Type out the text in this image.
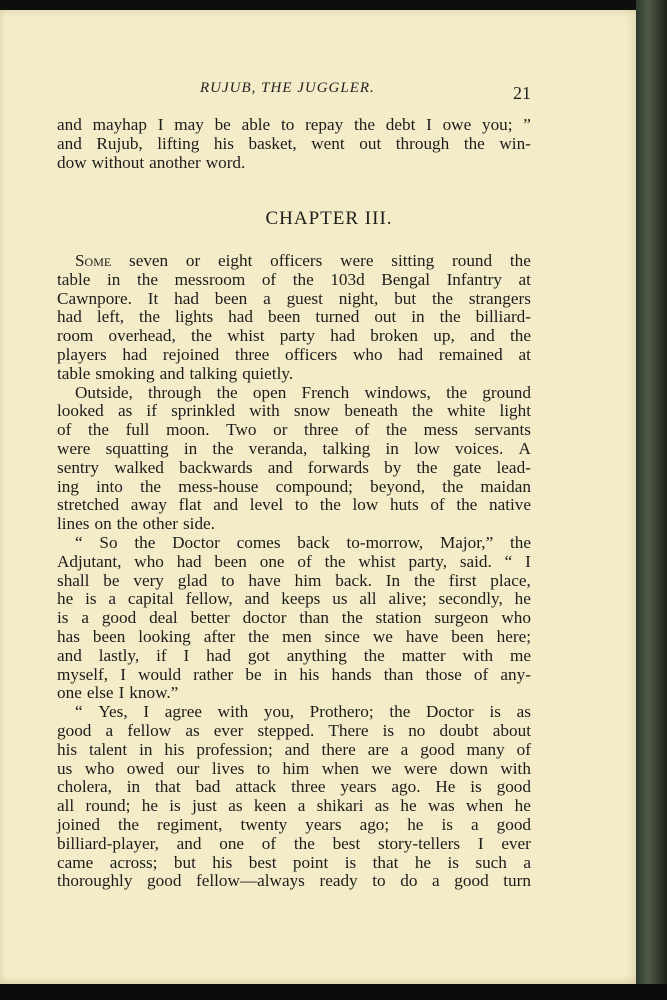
RUJUB, THE JUGGLER.	21
and mayhap I may be able to repay the debt I owe you; ”
and Rujub, lifting his basket, went out through the win-
dow without another word.
CHAPTER III.
Some seven or eight officers were sitting round the
table in the messroom of the 103d Bengal Infantry at
Cawnpore. It had been a guest night, but the strangers
had left, the lights had been turned out in the billiard-
room overhead, the whist party had broken up, and the
players had rejoined three officers who had remained at
table smoking and talking quietly.
Outside, through the open French windows, the ground
looked as if sprinkled with snow beneath the white light
of the full moon. Two or three of the mess servants
were squatting in the veranda, talking in low voices. A
sentry walked backwards and forwards by the gate lead-
ing into the mess-house compound; beyond, the maidan
stretched away flat and level to the low huts of the native
lines on the other side.
“ So the Doctor comes back to-morrow, Major,” the
Adjutant, who had been one of the whist party, said. “ I
shall be very glad to have him back. In the first place,
he is a capital fellow, and keeps us all alive; secondly, he
is a good deal better doctor than the station surgeon who
has been looking after the men since we have been here;
and lastly, if I had got anything the matter with me
myself, I would rather be in his hands than those of any-
one else I know.”
“ Yes, I agree with you, Prothero; the Doctor is as
good a fellow as ever stepped. There is no doubt about
his talent in his profession; and there are a good many of
us who owed our lives to him when we were down with
cholera, in that bad attack three years ago. He is good
all round; he is just as keen a shikari as he was when he
joined the regiment, twenty years ago; he is a good
billiard-player, and one of the best story-tellers I ever
came across; but his best point is that he is such a
thoroughly good fellow—always ready to do a good turn
